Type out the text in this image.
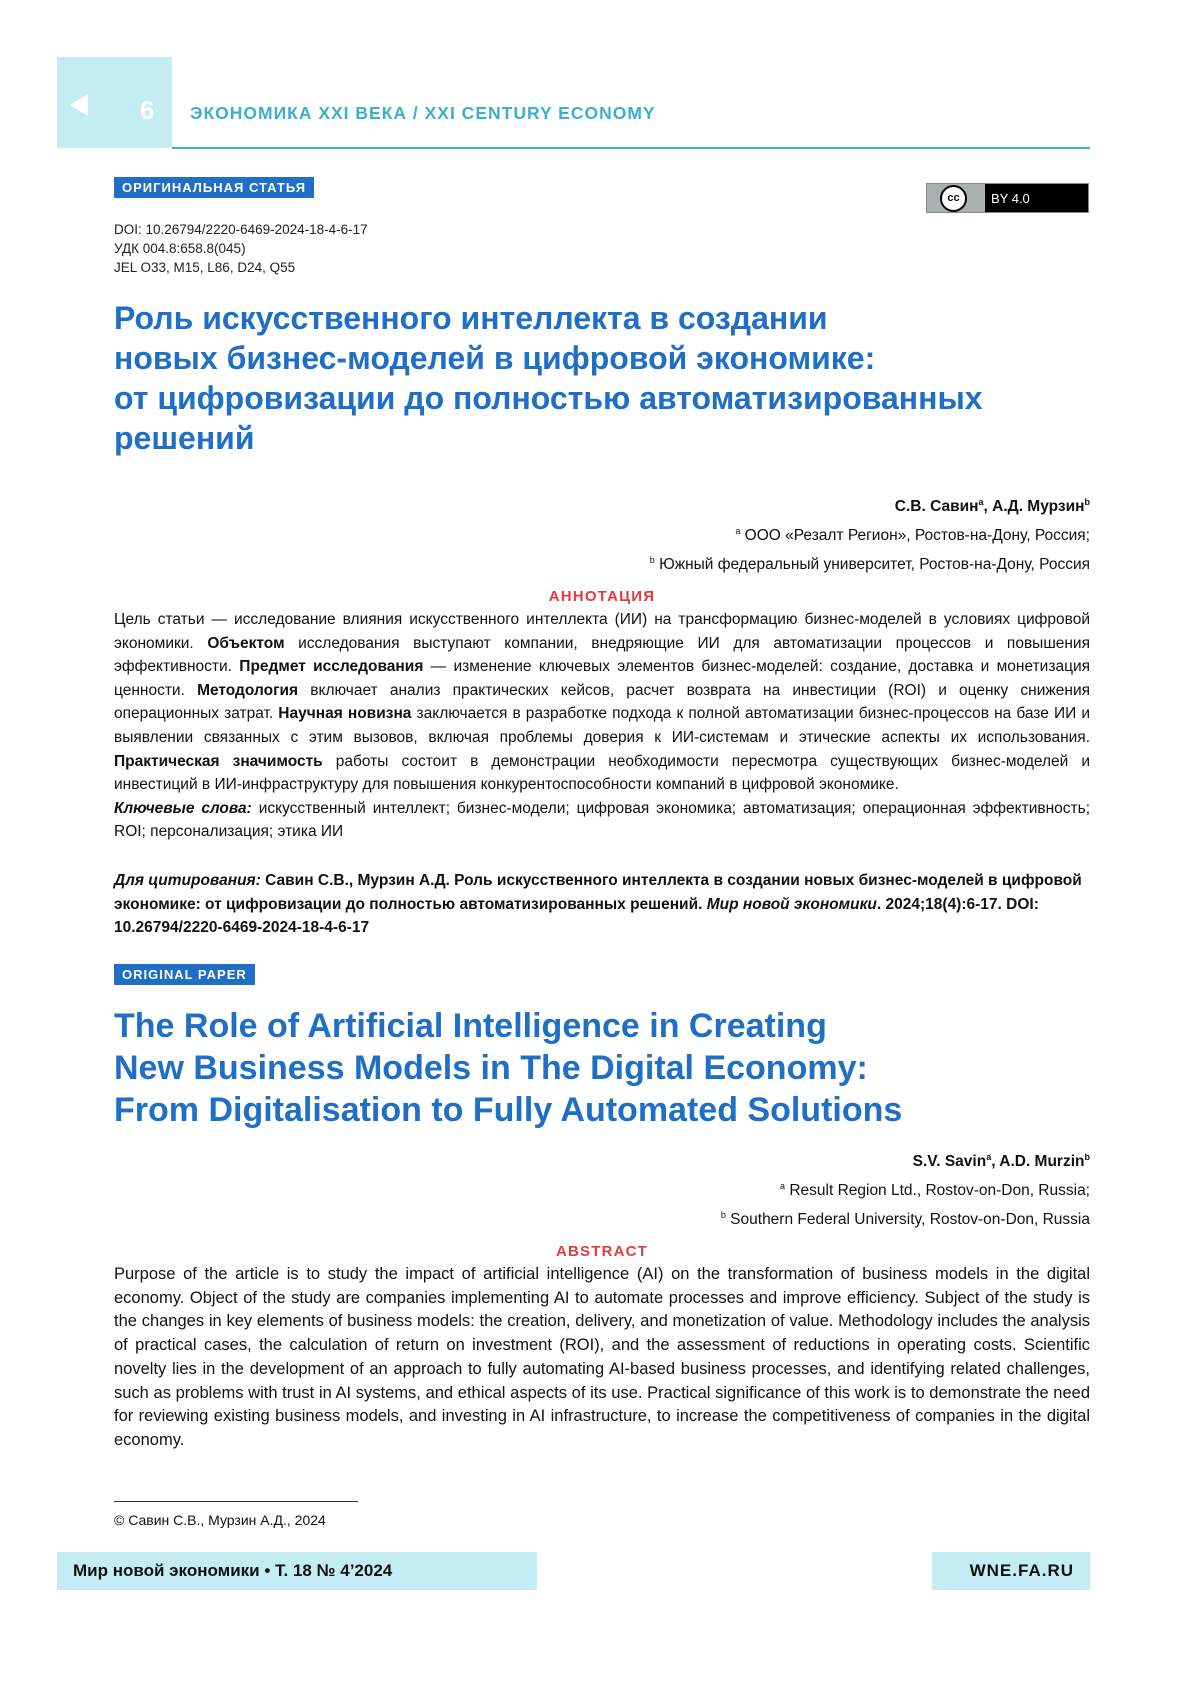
6 ЭКОНОМИКА XXI ВЕКА / XXI CENTURY ECONOMY
ОРИГИНАЛЬНАЯ СТАТЬЯ
cc	BY 4.0
DOI: 10.26794/2220-6469-2024-18-4-6-17
УДК 004.8:658.8(045)
JEL O33, M15, L86, D24, Q55
Роль искусственного интеллекта в создании
новых бизнес-моделей в цифровой экономике:
от цифровизации до полностью автоматизированных
решений
С.В. Савин$^a$, А.Д. Мурзин$^b$
$^a$ ООО «Резалт Регион», Ростов-на-Дону, Россия;
$^b$ Южный федеральный университет, Ростов-на-Дону, Россия
АННОТАЦИЯ
Цель статьи — исследование влияния искусственного интеллекта (ИИ) на трансформацию бизнес-моделей в условиях цифровой экономики. Объектом исследования выступают компании, внедряющие ИИ для автоматизации процессов и повышения эффективности. Предмет исследования — изменение ключевых элементов бизнес-моделей: создание, доставка и монетизация ценности. Методология включает анализ практических кейсов, расчет возврата на инвестиции (ROI) и оценку снижения операционных затрат. Научная новизна заключается в разработке подхода к полной автоматизации бизнес-процессов на базе ИИ и выявлении связанных с этим вызовов, включая проблемы доверия к ИИ-системам и этические аспекты их использования. Практическая значимость работы состоит в демонстрации необходимости пересмотра существующих бизнес-моделей и инвестиций в ИИ-инфраструктуру для повышения конкурентоспособности компаний в цифровой экономике.
Ключевые слова: искусственный интеллект; бизнес-модели; цифровая экономика; автоматизация; операционная эффективность; ROI; персонализация; этика ИИ
Для цитирования: Савин С.В., Мурзин А.Д. Роль искусственного интеллекта в создании новых бизнес-моделей в цифровой экономике: от цифровизации до полностью автоматизированных решений. Мир новой экономики. 2024;18(4):6-17. DOI: 10.26794/2220-6469-2024-18-4-6-17
ORIGINAL PAPER
The Role of Artificial Intelligence in Creating
New Business Models in The Digital Economy:
From Digitalisation to Fully Automated Solutions
S.V. Savin$^a$, A.D. Murzin$^b$
$^a$ Result Region Ltd., Rostov-on-Don, Russia;
$^b$ Southern Federal University, Rostov-on-Don, Russia
ABSTRACT
Purpose of the article is to study the impact of artificial intelligence (AI) on the transformation of business models in the digital economy. Object of the study are companies implementing AI to automate processes and improve efficiency. Subject of the study is the changes in key elements of business models: the creation, delivery, and monetization of value. Methodology includes the analysis of practical cases, the calculation of return on investment (ROI), and the assessment of reductions in operating costs. Scientific novelty lies in the development of an approach to fully automating AI-based business processes, and identifying related challenges, such as problems with trust in AI systems, and ethical aspects of its use. Practical significance of this work is to demonstrate the need for reviewing existing business models, and investing in AI infrastructure, to increase the competitiveness of companies in the digital economy.
© Савин С.В., Мурзин А.Д., 2024
Мир новой экономики • Т. 18 № 4’2024	WNE.FA.RU
